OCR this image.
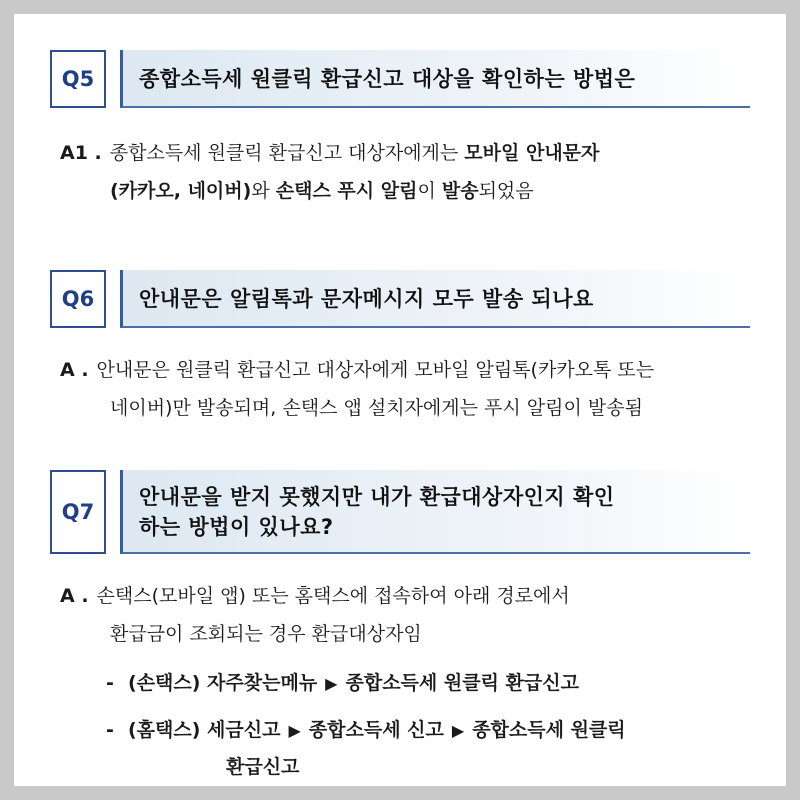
Q5	종합소득세 원클릭 환급신고 대상을 확인하는 방법은
A1 . 종합소득세 원클릭 환급신고 대상자에게는 모바일 안내문자
(카카오, 네이버)와 손택스 푸시 알림이 발송되었음
Q6	안내문은 알림톡과 문자메시지 모두 발송 되나요
A . 안내문은 원클릭 환급신고 대상자에게 모바일 알림톡(카카오톡 또는
네이버)만 발송되며, 손택스 앱 설치자에게는 푸시 알림이 발송됨
Q7
안내문을 받지 못했지만 내가 환급대상자인지 확인
하는 방법이 있나요?
A . 손택스(모바일 앱) 또는 홈택스에 접속하여 아래 경로에서
환급금이 조회되는 경우 환급대상자임
- (손택스) 자주찾는메뉴 ▶ 종합소득세 원클릭 환급신고
- (홈택스) 세금신고 ▶ 종합소득세 신고 ▶ 종합소득세 원클릭
환급신고
